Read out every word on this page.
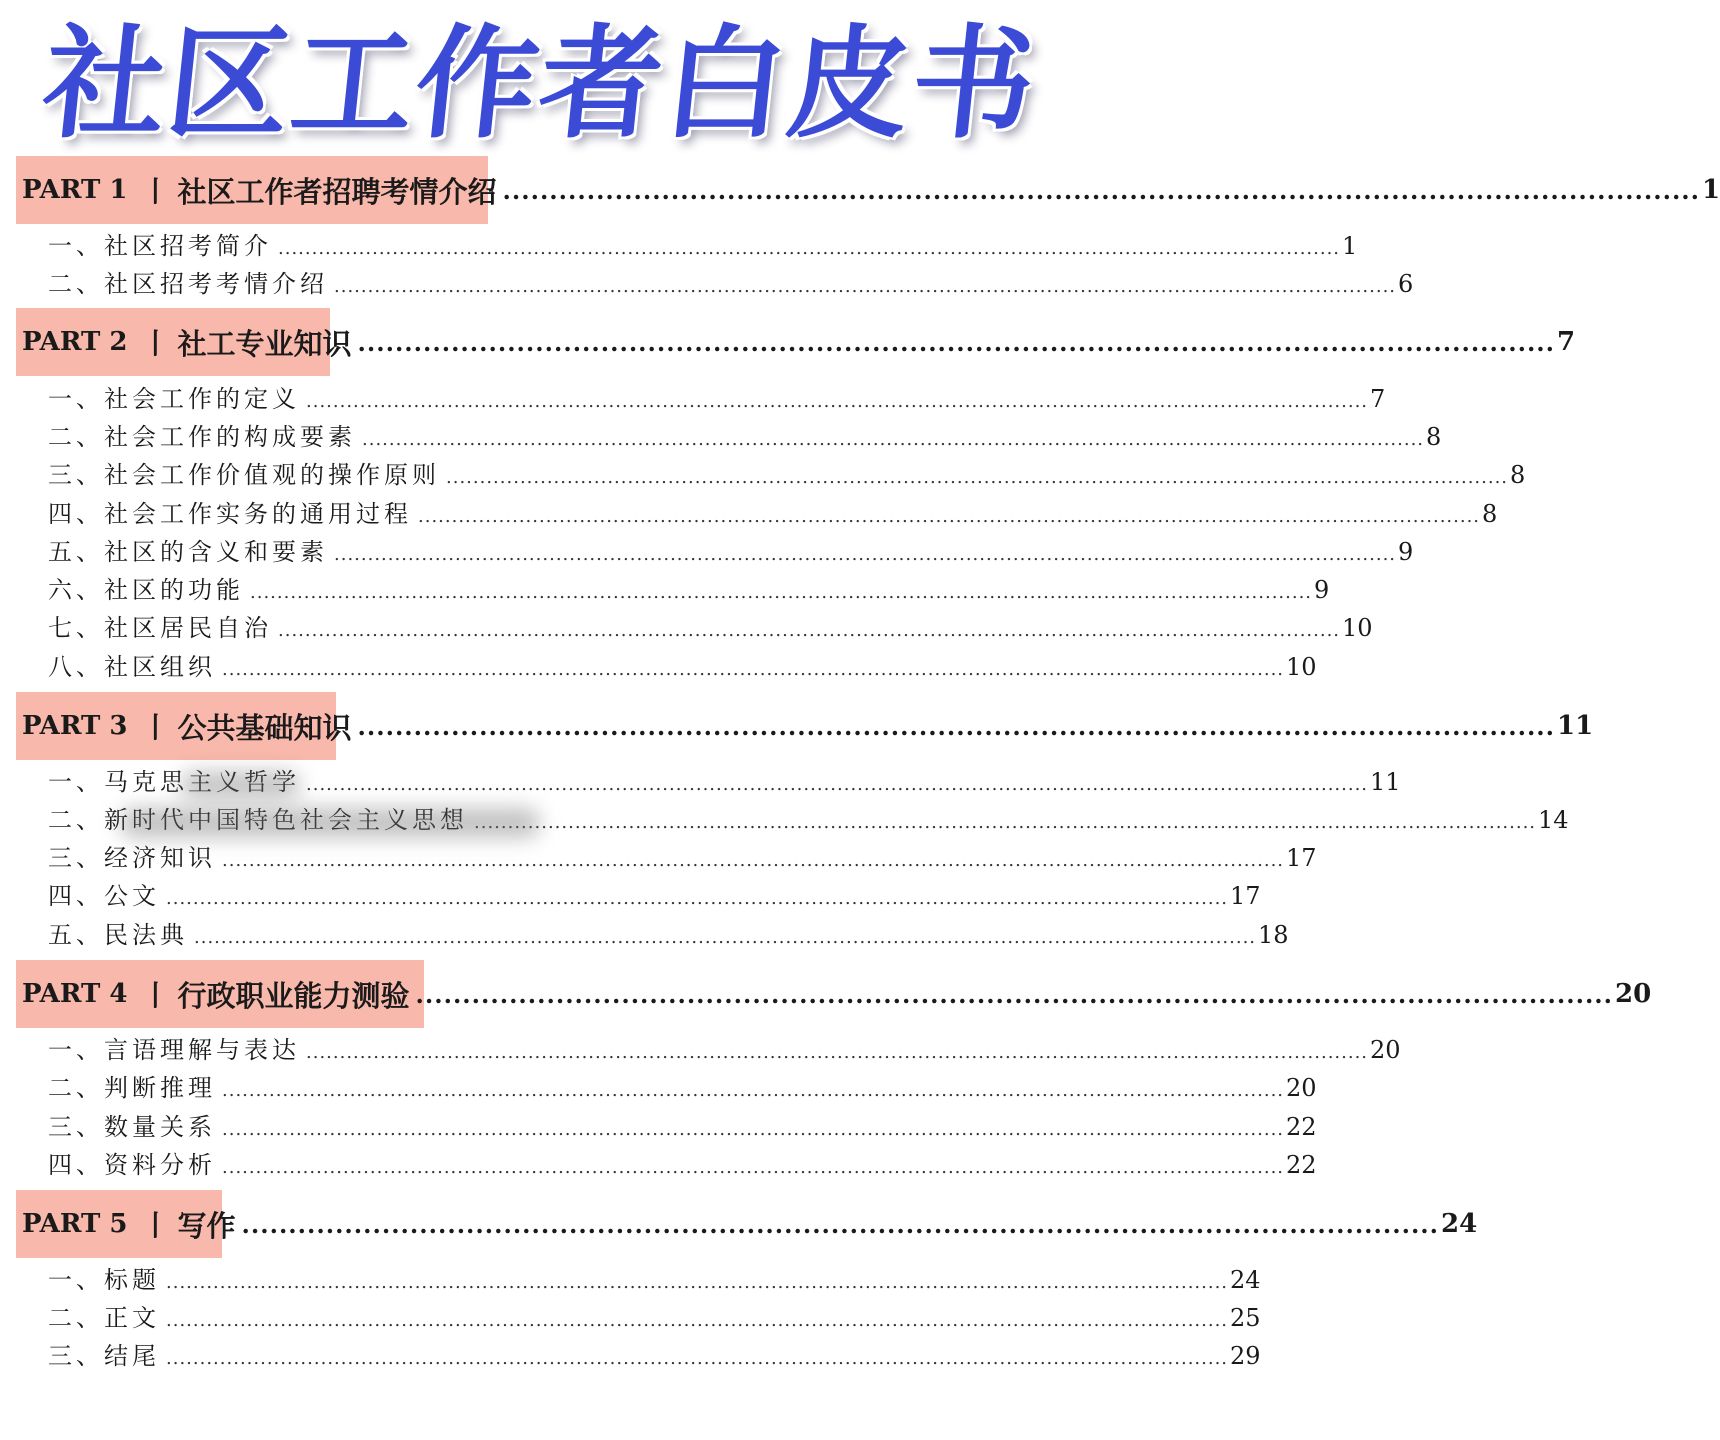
社区工作者白皮书
PART 1 丨 社区工作者招聘考情介绍 ................................................................................................................................ 1
一、社区招考简介 .............................................................................................................................................................. 1
二、社区招考考情介绍 .............................................................................................................................................................. 6
PART 2 丨 社工专业知识 ................................................................................................................................ 7
一、社会工作的定义 .............................................................................................................................................................. 7
二、社会工作的构成要素 .............................................................................................................................................................. 8
三、社会工作价值观的操作原则 .............................................................................................................................................................. 8
四、社会工作实务的通用过程 .............................................................................................................................................................. 8
五、社区的含义和要素 .............................................................................................................................................................. 9
六、社区的功能 .............................................................................................................................................................. 9
七、社区居民自治 .............................................................................................................................................................. 10
八、社区组织 .............................................................................................................................................................. 10
PART 3 丨 公共基础知识 ................................................................................................................................ 11
一、马克思主义哲学 .............................................................................................................................................................. 11
二、新时代中国特色社会主义思想 .............................................................................................................................................................. 14
三、经济知识 .............................................................................................................................................................. 17
四、公文 .............................................................................................................................................................. 17
五、民法典 .............................................................................................................................................................. 18
PART 4 丨 行政职业能力测验 ................................................................................................................................ 20
一、言语理解与表达 .............................................................................................................................................................. 20
二、判断推理 .............................................................................................................................................................. 20
三、数量关系 .............................................................................................................................................................. 22
四、资料分析 .............................................................................................................................................................. 22
PART 5 丨 写作 ................................................................................................................................ 24
一、标题 .............................................................................................................................................................. 24
二、正文 .............................................................................................................................................................. 25
三、结尾 .............................................................................................................................................................. 29
